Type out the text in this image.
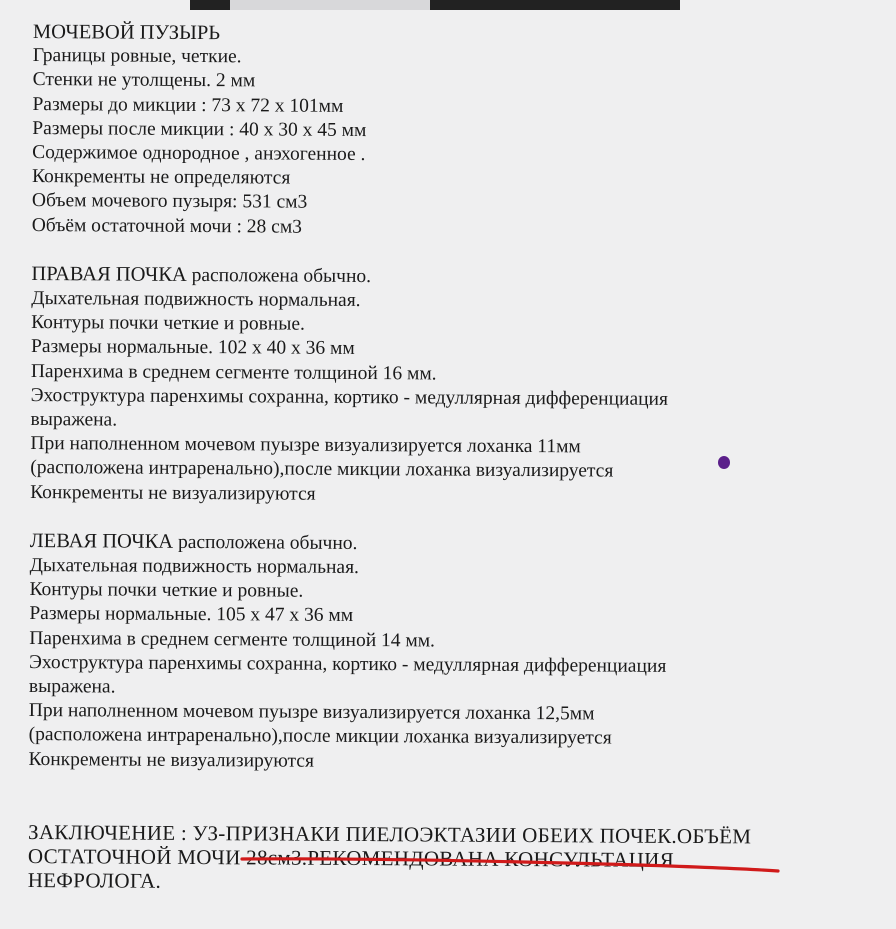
МОЧЕВОЙ ПУЗЫРЬ
Границы ровные, четкие.
Стенки не утолщены. 2 мм
Размеры до микции : 73 х 72 х 101мм
Размеры после микции : 40 х 30 х 45 мм
Содержимое однородное , анэхогенное .
Конкременты не определяются
Объем мочевого пузыря: 531 см3
Объём остаточной мочи : 28 см3
ПРАВАЯ ПОЧКА расположена обычно.
Дыхательная подвижность нормальная.
Контуры почки четкие и ровные.
Размеры нормальные. 102 х 40 х 36 мм
Паренхима в среднем сегменте толщиной 16 мм.
Эхоструктура паренхимы сохранна, кортико - медуллярная дифференциация
выражена.
При наполненном мочевом пуызре визуализируется лоханка 11мм
(расположена интраренально),после микции лоханка визуализируется
Конкременты не визуализируются
ЛЕВАЯ ПОЧКА расположена обычно.
Дыхательная подвижность нормальная.
Контуры почки четкие и ровные.
Размеры нормальные. 105 х 47 х 36 мм
Паренхима в среднем сегменте толщиной 14 мм.
Эхоструктура паренхимы сохранна, кортико - медуллярная дифференциация
выражена.
При наполненном мочевом пуызре визуализируется лоханка 12,5мм
(расположена интраренально),после микции лоханка визуализируется
Конкременты не визуализируются
ЗАКЛЮЧЕНИЕ : УЗ-ПРИЗНАКИ ПИЕЛОЭКТАЗИИ ОБЕИХ ПОЧЕК.ОБЪЁМ
ОСТАТОЧНОЙ МОЧИ 28см3.РЕКОМЕНДОВАНА КОНСУЛЬТАЦИЯ
НЕФРОЛОГА.
